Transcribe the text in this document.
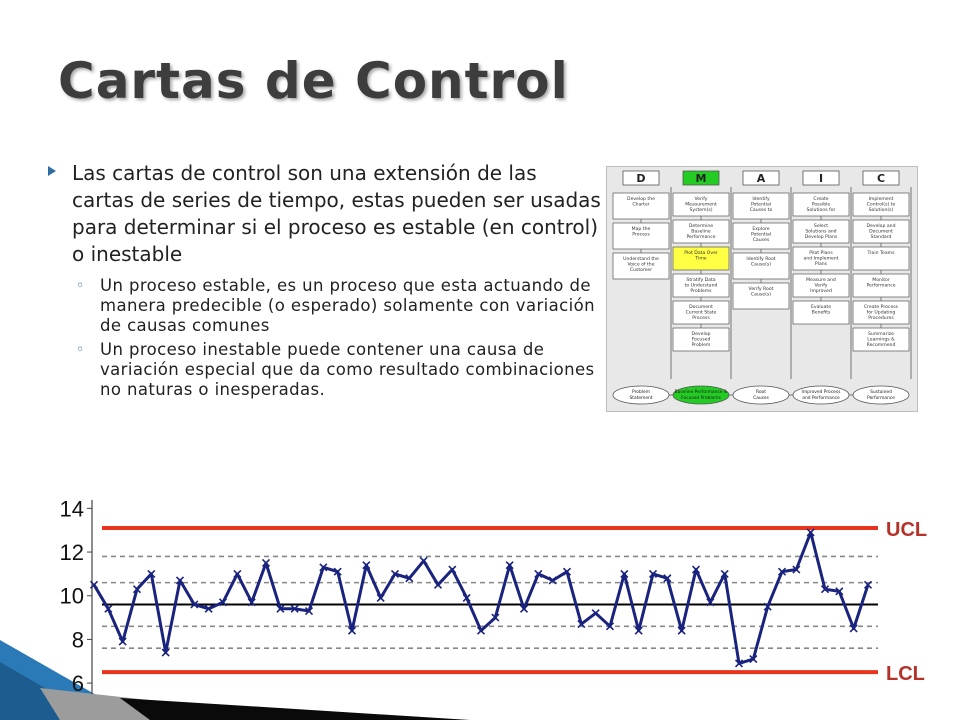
Cartas de Control
Las cartas de control son una extensión de las cartas de series de tiempo, estas pueden ser usadas para determinar si el proceso es estable (en control) o inestable
◦ Un proceso estable, es un proceso que esta actuando de manera predecible (o esperado) solamente con variación de causas comunes
◦ Un proceso inestable puede contener una causa de variación especial que da como resultado combinaciones no naturas o inesperadas.
D	M	A	I	C
Develop the
Charter
Map the
Process
Understand the
Voice of the
Customer
Verify
Measurement
System(s)
Determine
Baseline
Performance
Plot Data Over
Time
Stratify Data
to Understand
Problems
Document
Current State
Process
Develop
Focused
Problem
Identify
Potential
Causes to
Explore
Potential
Causes
Identify Root
Cause(s)
Verify Root
Cause(s)
Create
Possible
Solutions for
Select
Solutions and
Develop Plans
Pilot Plans
and Implement
Plans
Measure and
Verify
Improved
Evaluate
Benefits
Implement
Control(s) to
Solution(s)
Develop and
Document
Standard
Train Teams
Monitor
Performance
Create Process
for Updating
Procedures
Summarize
Learnings &
Recommend
Problem
Statement
Baseline Performance &
Focused Problems
Root
Causes
Improved Process
and Performance
Sustained
Performance
6
8
10
12
14
UCL
LCL
